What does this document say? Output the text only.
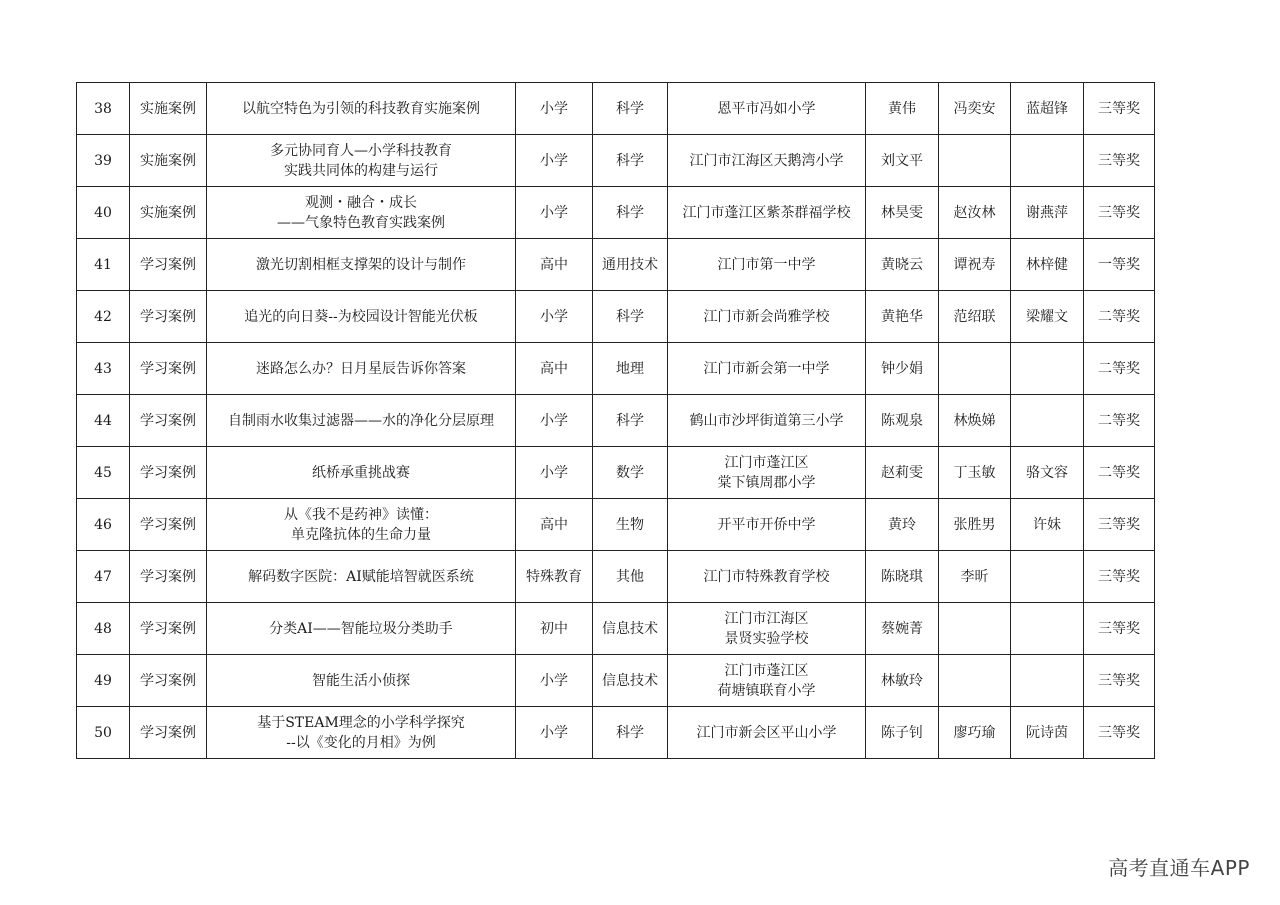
38	实施案例	以航空特色为引领的科技教育实施案例	小学	科学	恩平市冯如小学	黄伟	冯奕安	蓝超锋	三等奖
39	实施案例	多元协同育人—小学科技教育
实践共同体的构建与运行	小学	科学	江门市江海区天鹅湾小学	刘文平			三等奖
40	实施案例	观测・融合・成长
——气象特色教育实践案例	小学	科学	江门市蓬江区紫茶群福学校	林昊雯	赵汝林	谢燕萍	三等奖
41	学习案例	激光切割相框支撑架的设计与制作	高中	通用技术	江门市第一中学	黄晓云	谭祝寿	林梓健	一等奖
42	学习案例	追光的向日葵--为校园设计智能光伏板	小学	科学	江门市新会尚雅学校	黄艳华	范绍联	梁耀文	二等奖
43	学习案例	迷路怎么办？日月星辰告诉你答案	高中	地理	江门市新会第一中学	钟少娟			二等奖
44	学习案例	自制雨水收集过滤器——水的净化分层原理	小学	科学	鹤山市沙坪街道第三小学	陈观泉	林焕娣		二等奖
45	学习案例	纸桥承重挑战赛	小学	数学	江门市蓬江区
棠下镇周郡小学	赵莉雯	丁玉敏	骆文容	二等奖
46	学习案例	从《我不是药神》读懂：
单克隆抗体的生命力量	高中	生物	开平市开侨中学	黄玲	张胜男	许妹	三等奖
47	学习案例	解码数字医院：AI赋能培智就医系统	特殊教育	其他	江门市特殊教育学校	陈晓琪	李昕		三等奖
48	学习案例	分类AI——智能垃圾分类助手	初中	信息技术	江门市江海区
景贤实验学校	蔡婉菁			三等奖
49	学习案例	智能生活小侦探	小学	信息技术	江门市蓬江区
荷塘镇联育小学	林敏玲			三等奖
50	学习案例	基于STEAM理念的小学科学探究
--以《变化的月相》为例	小学	科学	江门市新会区平山小学	陈子钊	廖巧瑜	阮诗茵	三等奖
高考直通车APP
